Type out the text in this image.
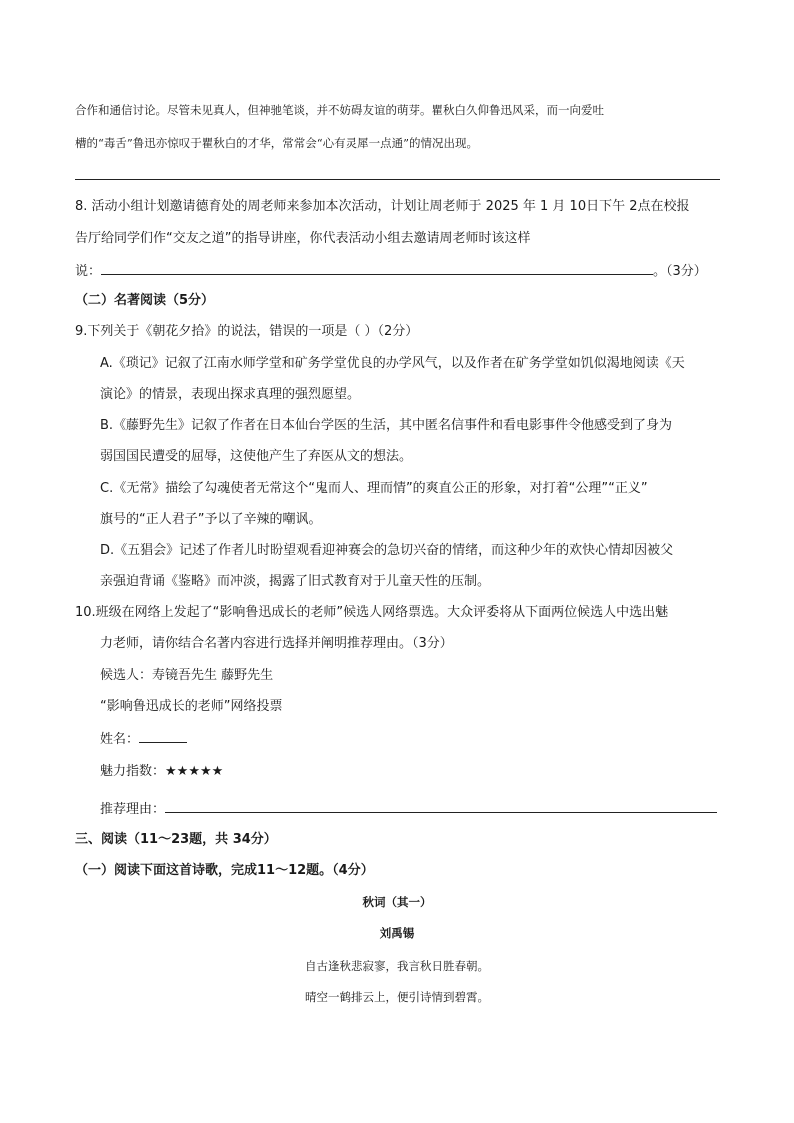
合作和通信讨论。尽管未见真人，但神驰笔谈，并不妨碍友谊的萌芽。瞿秋白久仰鲁迅风采，而一向爱吐
槽的“毒舌”鲁迅亦惊叹于瞿秋白的才华，常常会“心有灵犀一点通”的情况出现。
8. 活动小组计划邀请德育处的周老师来参加本次活动，计划让周老师于 2025 年 1 月 10日下午 2点在校报
告厅给同学们作“交友之道”的指导讲座，你代表活动小组去邀请周老师时该这样
说：	。（3分）
（二）名著阅读（5分）
9.下列关于《朝花夕拾》的说法，错误的一项是（ ）（2分）
A.《琐记》记叙了江南水师学堂和矿务学堂优良的办学风气，以及作者在矿务学堂如饥似渴地阅读《天
演论》的情景，表现出探求真理的强烈愿望。
B.《藤野先生》记叙了作者在日本仙台学医的生活，其中匿名信事件和看电影事件令他感受到了身为
弱国国民遭受的屈辱，这使他产生了弃医从文的想法。
C.《无常》描绘了勾魂使者无常这个“鬼而人、理而情”的爽直公正的形象，对打着“公理”“正义”
旗号的“正人君子”予以了辛辣的嘲讽。
D.《五猖会》记述了作者儿时盼望观看迎神赛会的急切兴奋的情绪，而这种少年的欢快心情却因被父
亲强迫背诵《鉴略》而冲淡，揭露了旧式教育对于儿童天性的压制。
10.班级在网络上发起了“影响鲁迅成长的老师”候选人网络票选。大众评委将从下面两位候选人中选出魅
力老师，请你结合名著内容进行选择并阐明推荐理由。（3分）
候选人：寿镜吾先生 藤野先生
“影响鲁迅成长的老师”网络投票
姓名：
魅力指数：★★★★★
推荐理由：
三、阅读（11～23题，共 34分）
（一）阅读下面这首诗歌，完成11～12题。（4分）
秋词（其一）
刘禹锡
自古逢秋悲寂寥，我言秋日胜春朝。
晴空一鹤排云上，便引诗情到碧霄。
